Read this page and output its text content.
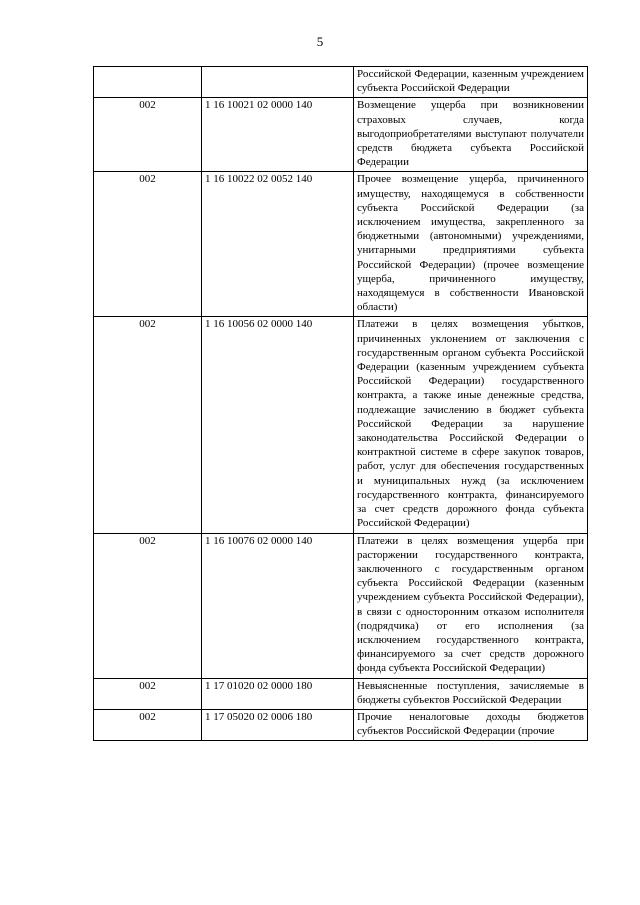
5
		Российской Федерации, казенным учреждением субъекта Российской Федерации
002	1 16 10021 02 0000 140	Возмещение ущерба при возникновении страховых случаев, когда выгодоприобретателями выступают получатели средств бюджета субъекта Российской Федерации
002	1 16 10022 02 0052 140	Прочее возмещение ущерба, причиненного имуществу, находящемуся в собственности субъекта Российской Федерации (за исключением имущества, закрепленного за бюджетными (автономными) учреждениями, унитарными предприятиями субъекта Российской Федерации) (прочее возмещение ущерба, причиненного имуществу, находящемуся в собственности Ивановской области)
002	1 16 10056 02 0000 140	Платежи в целях возмещения убытков, причиненных уклонением от заключения с государственным органом субъекта Российской Федерации (казенным учреждением субъекта Российской Федерации) государственного контракта, а также иные денежные средства, подлежащие зачислению в бюджет субъекта Российской Федерации за нарушение законодательства Российской Федерации о контрактной системе в сфере закупок товаров, работ, услуг для обеспечения государственных и муниципальных нужд (за исключением государственного контракта, финансируемого за счет средств дорожного фонда субъекта Российской Федерации)
002	1 16 10076 02 0000 140	Платежи в целях возмещения ущерба при расторжении государственного контракта, заключенного с государственным органом субъекта Российской Федерации (казенным учреждением субъекта Российской Федерации), в связи с односторонним отказом исполнителя (подрядчика) от его исполнения (за исключением государственного контракта, финансируемого за счет средств дорожного фонда субъекта Российской Федерации)
002	1 17 01020 02 0000 180	Невыясненные поступления, зачисляемые в бюджеты субъектов Российской Федерации
002	1 17 05020 02 0006 180	Прочие неналоговые доходы бюджетов субъектов Российской Федерации (прочие
